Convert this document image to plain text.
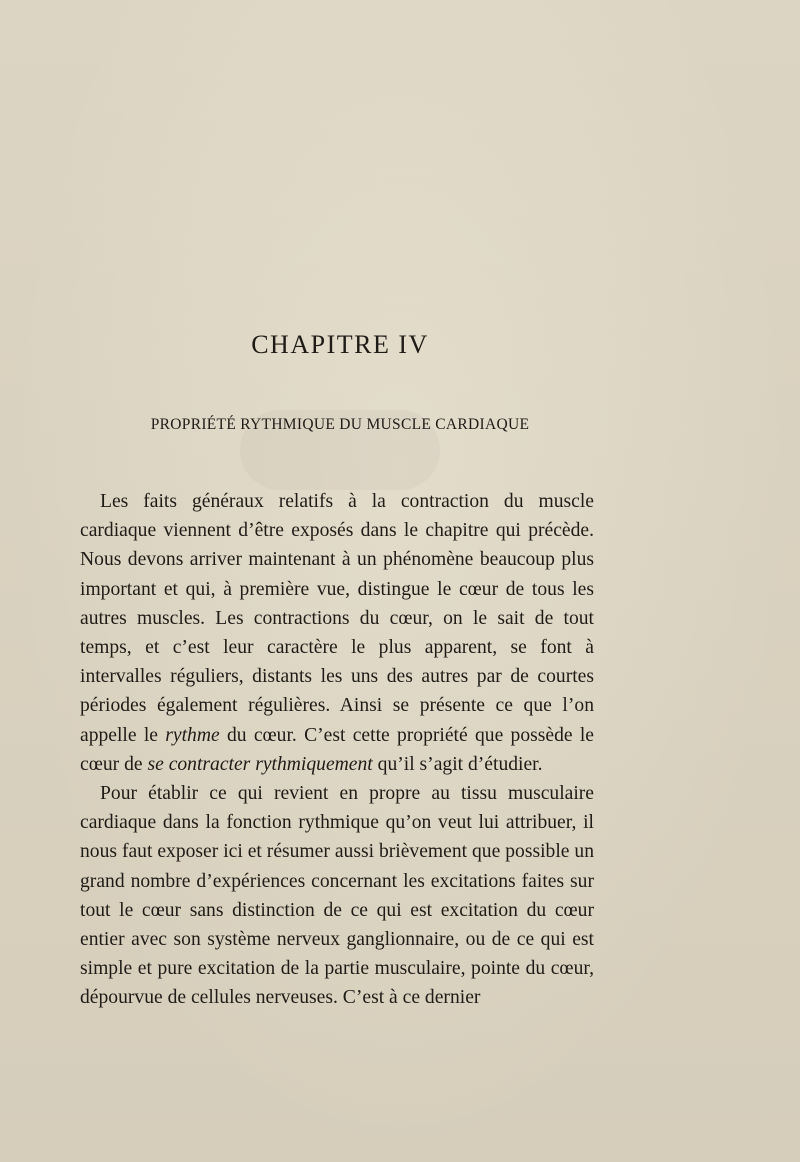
CHAPITRE IV
PROPRIÉTÉ RYTHMIQUE DU MUSCLE CARDIAQUE

Les faits généraux relatifs à la contraction du muscle cardiaque viennent d’être exposés dans le chapitre qui précède. Nous devons arriver maintenant à un phénomène beaucoup plus important et qui, à première vue, distingue le cœur de tous les autres muscles. Les contractions du cœur, on le sait de tout temps, et c’est leur caractère le plus apparent, se font à intervalles réguliers, distants les uns des autres par de courtes périodes également régulières. Ainsi se présente ce que l’on appelle le rythme du cœur. C’est cette propriété que possède le cœur de se contracter rythmiquement qu’il s’agit d’étudier.

Pour établir ce qui revient en propre au tissu musculaire cardiaque dans la fonction rythmique qu’on veut lui attribuer, il nous faut exposer ici et résumer aussi brièvement que possible un grand nombre d’expériences concernant les excitations faites sur tout le cœur sans distinction de ce qui est excitation du cœur entier avec son système nerveux ganglionnaire, ou de ce qui est simple et pure excitation de la partie musculaire, pointe du cœur, dépourvue de cellules nerveuses. C’est à ce dernier
